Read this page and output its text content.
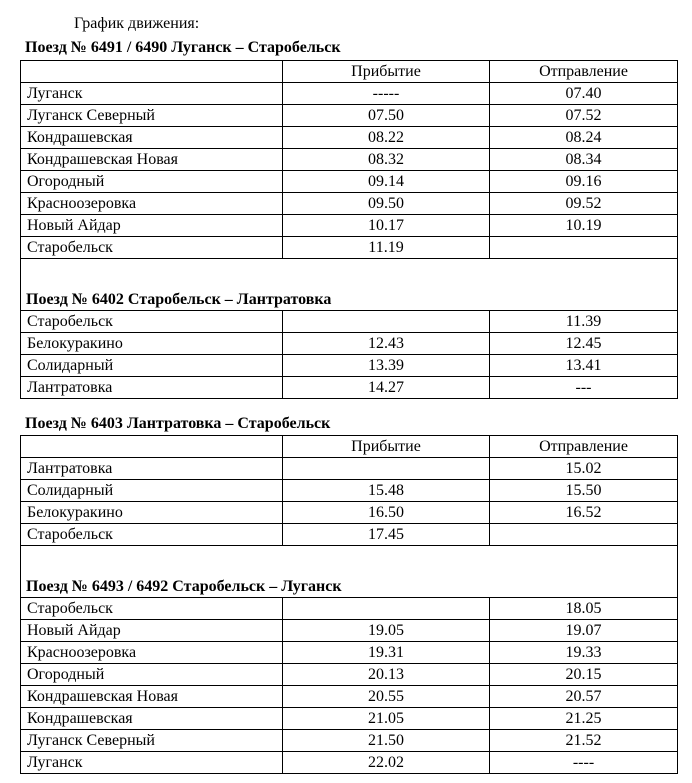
График движения:
Поезд № 6491 / 6490 Луганск – Старобельск
	Прибытие	Отправление
Луганск	-----	07.40
Луганск Северный	07.50	07.52
Кондрашевская	08.22	08.24
Кондрашевская Новая	08.32	08.34
Огородный	09.14	09.16
Красноозеровка	09.50	09.52
Новый Айдар	10.17	10.19
Старобельск	11.19	

Поезд № 6402 Старобельск – Лантратовка		
Старобельск		11.39
Белокуракино	12.43	12.45
Солидарный	13.39	13.41
Лантратовка	14.27	---
Поезд № 6403 Лантратовка – Старобельск
	Прибытие	Отправление
Лантратовка		15.02
Солидарный	15.48	15.50
Белокуракино	16.50	16.52
Старобельск	17.45	

Поезд № 6493 / 6492 Старобельск – Луганск		
Старобельск		18.05
Новый Айдар	19.05	19.07
Красноозеровка	19.31	19.33
Огородный	20.13	20.15
Кондрашевская Новая	20.55	20.57
Кондрашевская	21.05	21.25
Луганск Северный	21.50	21.52
Луганск	22.02	----
